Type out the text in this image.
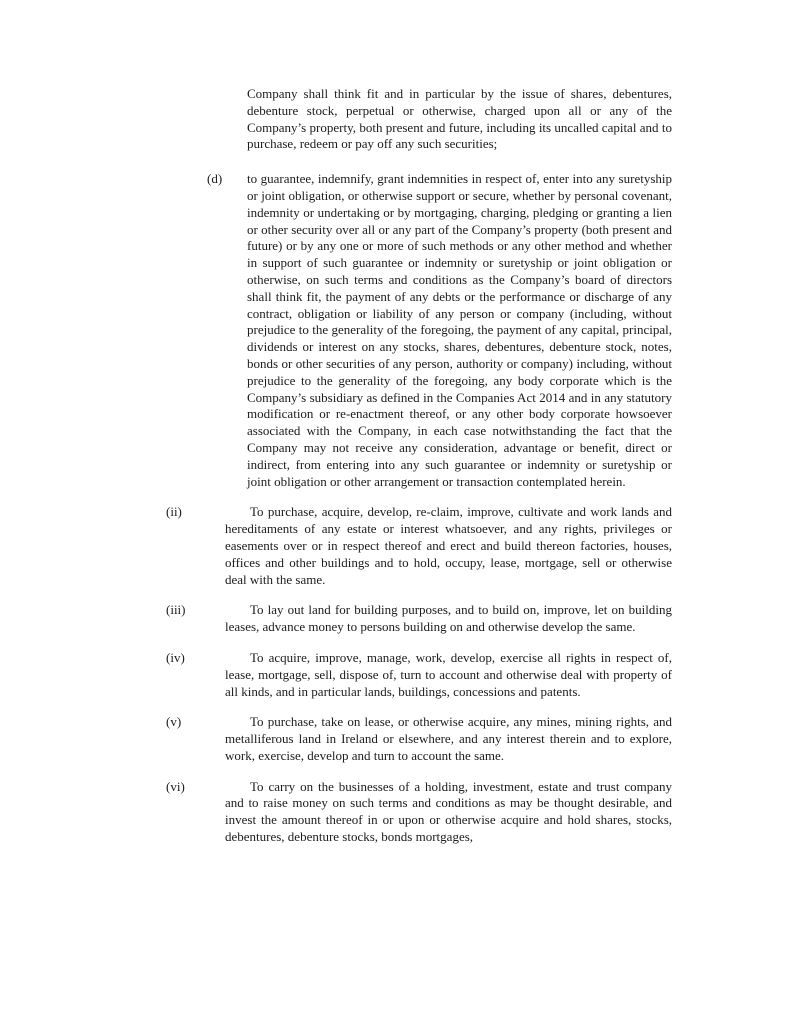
Company shall think fit and in particular by the issue of shares, debentures, debenture stock, perpetual or otherwise, charged upon all or any of the Company’s property, both present and future, including its uncalled capital and to purchase, redeem or pay off any such securities;
(d) to guarantee, indemnify, grant indemnities in respect of, enter into any suretyship or joint obligation, or otherwise support or secure, whether by personal covenant, indemnity or undertaking or by mortgaging, charging, pledging or granting a lien or other security over all or any part of the Company’s property (both present and future) or by any one or more of such methods or any other method and whether in support of such guarantee or indemnity or suretyship or joint obligation or otherwise, on such terms and conditions as the Company’s board of directors shall think fit, the payment of any debts or the performance or discharge of any contract, obligation or liability of any person or company (including, without prejudice to the generality of the foregoing, the payment of any capital, principal, dividends or interest on any stocks, shares, debentures, debenture stock, notes, bonds or other securities of any person, authority or company) including, without prejudice to the generality of the foregoing, any body corporate which is the Company’s subsidiary as defined in the Companies Act 2014 and in any statutory modification or re-enactment thereof, or any other body corporate howsoever associated with the Company, in each case notwithstanding the fact that the Company may not receive any consideration, advantage or benefit, direct or indirect, from entering into any such guarantee or indemnity or suretyship or joint obligation or other arrangement or transaction contemplated herein.
(ii)	To purchase, acquire, develop, re-claim, improve, cultivate and work lands and hereditaments of any estate or interest whatsoever, and any rights, privileges or easements over or in respect thereof and erect and build thereon factories, houses, offices and other buildings and to hold, occupy, lease, mortgage, sell or otherwise deal with the same.
(iii)	To lay out land for building purposes, and to build on, improve, let on building leases, advance money to persons building on and otherwise develop the same.
(iv)	To acquire, improve, manage, work, develop, exercise all rights in respect of, lease, mortgage, sell, dispose of, turn to account and otherwise deal with property of all kinds, and in particular lands, buildings, concessions and patents.
(v)	To purchase, take on lease, or otherwise acquire, any mines, mining rights, and metalliferous land in Ireland or elsewhere, and any interest therein and to explore, work, exercise, develop and turn to account the same.
(vi)	To carry on the businesses of a holding, investment, estate and trust company and to raise money on such terms and conditions as may be thought desirable, and invest the amount thereof in or upon or otherwise acquire and hold shares, stocks, debentures, debenture stocks, bonds mortgages,
